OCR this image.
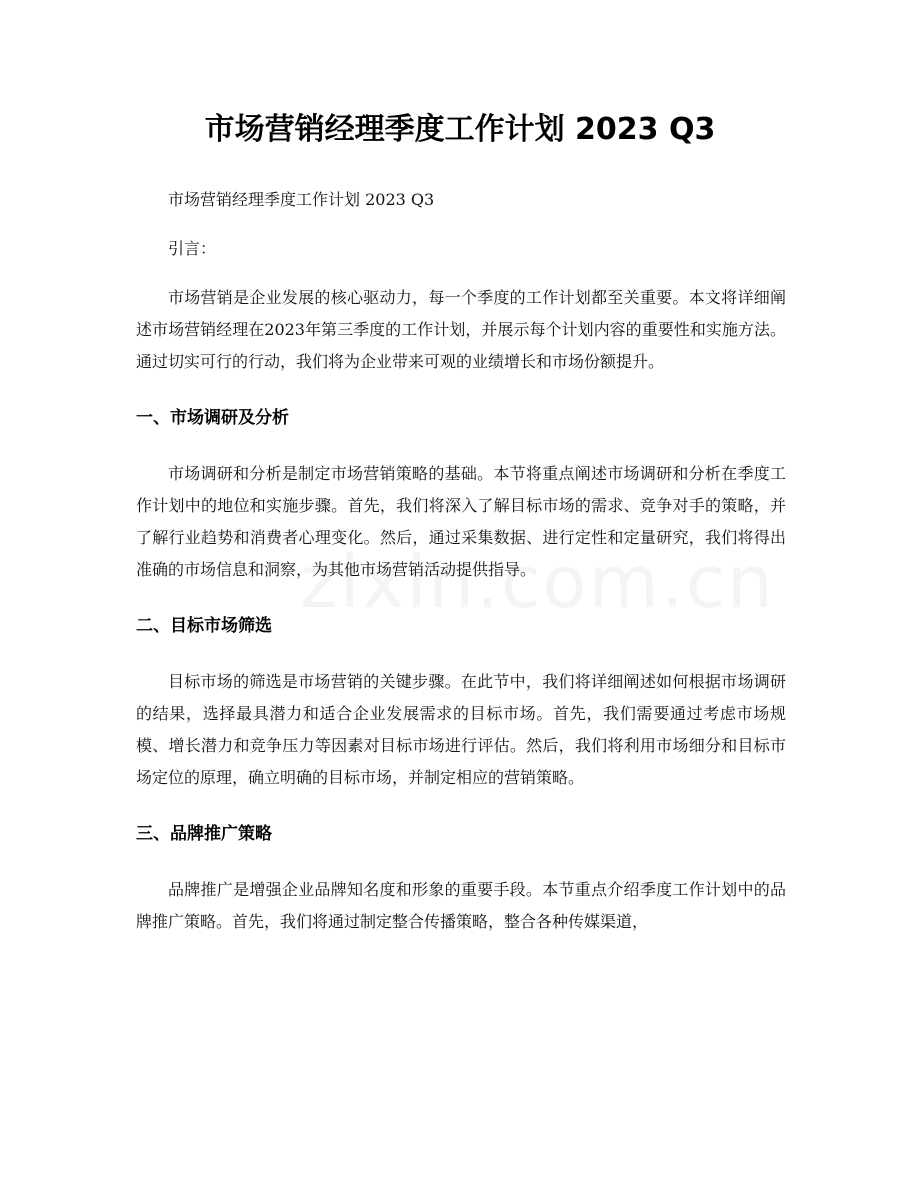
市场营销经理季度工作计划 2023 Q3

市场营销经理季度工作计划 2023 Q3

引言：

市场营销是企业发展的核心驱动力，每一个季度的工作计划都至关重要。本文将详细阐述市场营销经理在2023年第三季度的工作计划，并展示每个计划内容的重要性和实施方法。通过切实可行的行动，我们将为企业带来可观的业绩增长和市场份额提升。

一、市场调研及分析

市场调研和分析是制定市场营销策略的基础。本节将重点阐述市场调研和分析在季度工作计划中的地位和实施步骤。首先，我们将深入了解目标市场的需求、竞争对手的策略，并了解行业趋势和消费者心理变化。然后，通过采集数据、进行定性和定量研究，我们将得出准确的市场信息和洞察，为其他市场营销活动提供指导。

二、目标市场筛选

目标市场的筛选是市场营销的关键步骤。在此节中，我们将详细阐述如何根据市场调研的结果，选择最具潜力和适合企业发展需求的目标市场。首先，我们需要通过考虑市场规模、增长潜力和竞争压力等因素对目标市场进行评估。然后，我们将利用市场细分和目标市场定位的原理，确立明确的目标市场，并制定相应的营销策略。

三、品牌推广策略

品牌推广是增强企业品牌知名度和形象的重要手段。本节重点介绍季度工作计划中的品牌推广策略。首先，我们将通过制定整合传播策略，整合各种传媒渠道，
